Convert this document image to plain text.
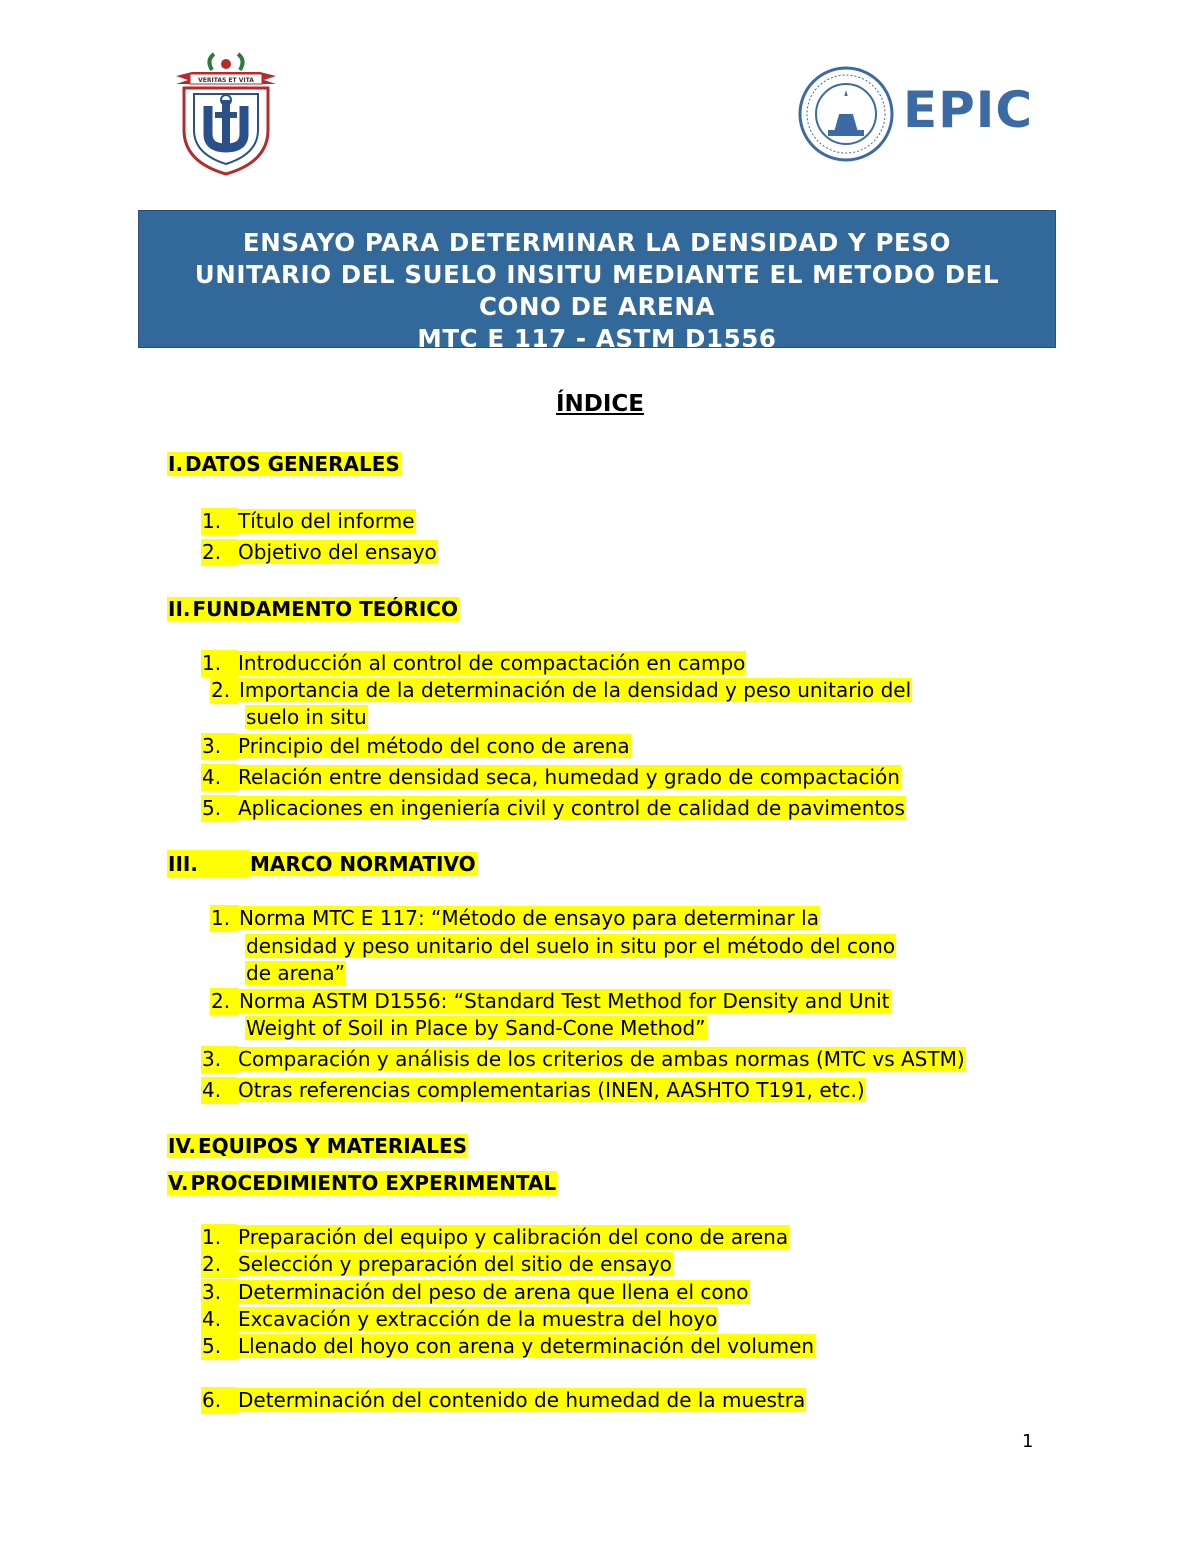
VERITAS ET VITA
EPIC
ENSAYO PARA DETERMINAR LA DENSIDAD Y PESO
UNITARIO DEL SUELO INSITU MEDIANTE EL METODO DEL
CONO DE ARENA
MTC E 117 - ASTM D1556
ÍNDICE
I. DATOS GENERALES
1. Título del informe
2. Objetivo del ensayo
II. FUNDAMENTO TEÓRICO
1. Introducción al control de compactación en campo
2. Importancia de la determinación de la densidad y peso unitario del
suelo in situ
3. Principio del método del cono de arena
4. Relación entre densidad seca, humedad y grado de compactación
5. Aplicaciones en ingeniería civil y control de calidad de pavimentos
III.	MARCO NORMATIVO
1. Norma MTC E 117: “Método de ensayo para determinar la
densidad y peso unitario del suelo in situ por el método del cono
de arena”
2. Norma ASTM D1556: “Standard Test Method for Density and Unit
Weight of Soil in Place by Sand-Cone Method”
3. Comparación y análisis de los criterios de ambas normas (MTC vs ASTM)
4. Otras referencias complementarias (INEN, AASHTO T191, etc.)
IV. EQUIPOS Y MATERIALES
V. PROCEDIMIENTO EXPERIMENTAL
1. Preparación del equipo y calibración del cono de arena
2. Selección y preparación del sitio de ensayo
3. Determinación del peso de arena que llena el cono
4. Excavación y extracción de la muestra del hoyo
5. Llenado del hoyo con arena y determinación del volumen
6. Determinación del contenido de humedad de la muestra
1
